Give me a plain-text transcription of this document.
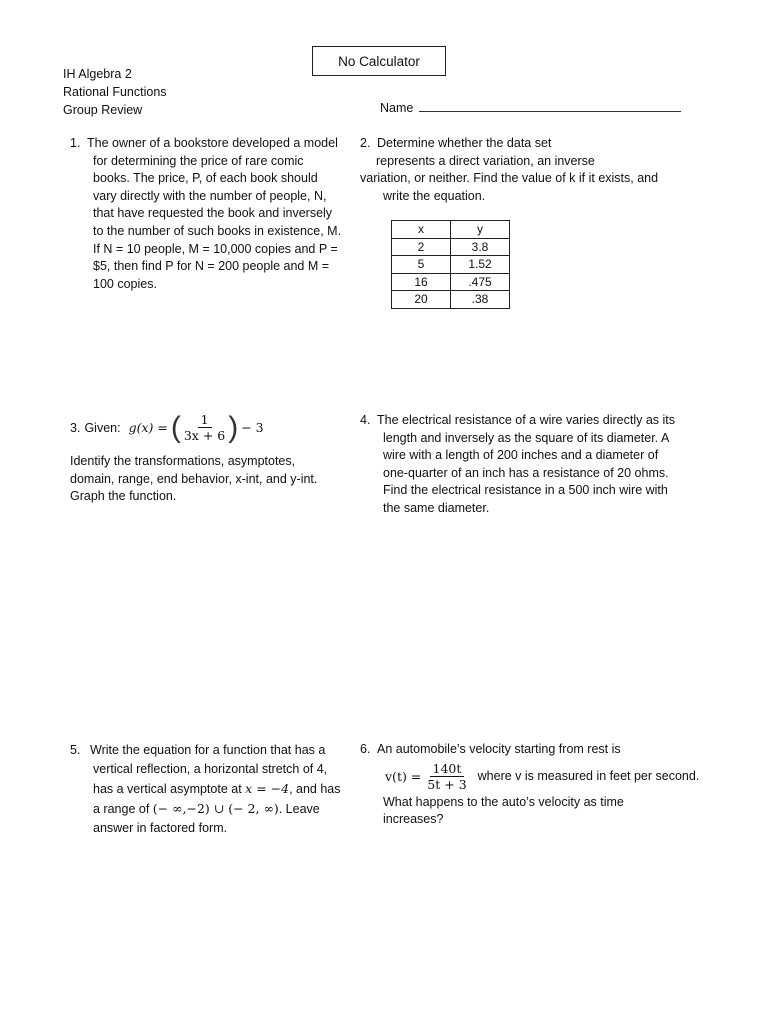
IH Algebra 2
Rational Functions
Group Review
No Calculator
Name
1. The owner of a bookstore developed a model
for determining the price of rare comic
books. The price, P, of each book should
vary directly with the number of people, N,
that have requested the book and inversely
to the number of such books in existence, M.
If N = 10 people, M = 10,000 copies and P =
$5, then find P for N = 200 people and M =
100 copies.
2. Determine whether the data set
represents a direct variation, an inverse
variation, or neither. Find the value of k if it exists, and
write the equation.
x	y
2	3.8
5	1.52
16	.475
20	.38
3. Given: g(x) = ( $\frac{1}{3x + 6}$ ) − 3
Identify the transformations, asymptotes,
domain, range, end behavior, x-int, and y-int.
Graph the function.
4. The electrical resistance of a wire varies directly as its
length and inversely as the square of its diameter. A
wire with a length of 200 inches and a diameter of
one-quarter of an inch has a resistance of 20 ohms.
Find the electrical resistance in a 500 inch wire with
the same diameter.
5. Write the equation for a function that has a
vertical reflection, a horizontal stretch of 4,
has a vertical asymptote at x = −4, and has
a range of (− ∞,−2) ∪ (− 2, ∞). Leave
answer in factored form.
6. An automobile’s velocity starting from rest is
$v(t) = \frac{140t}{5t + 3}$ where v is measured in feet per second.
What happens to the auto’s velocity as time
increases?
